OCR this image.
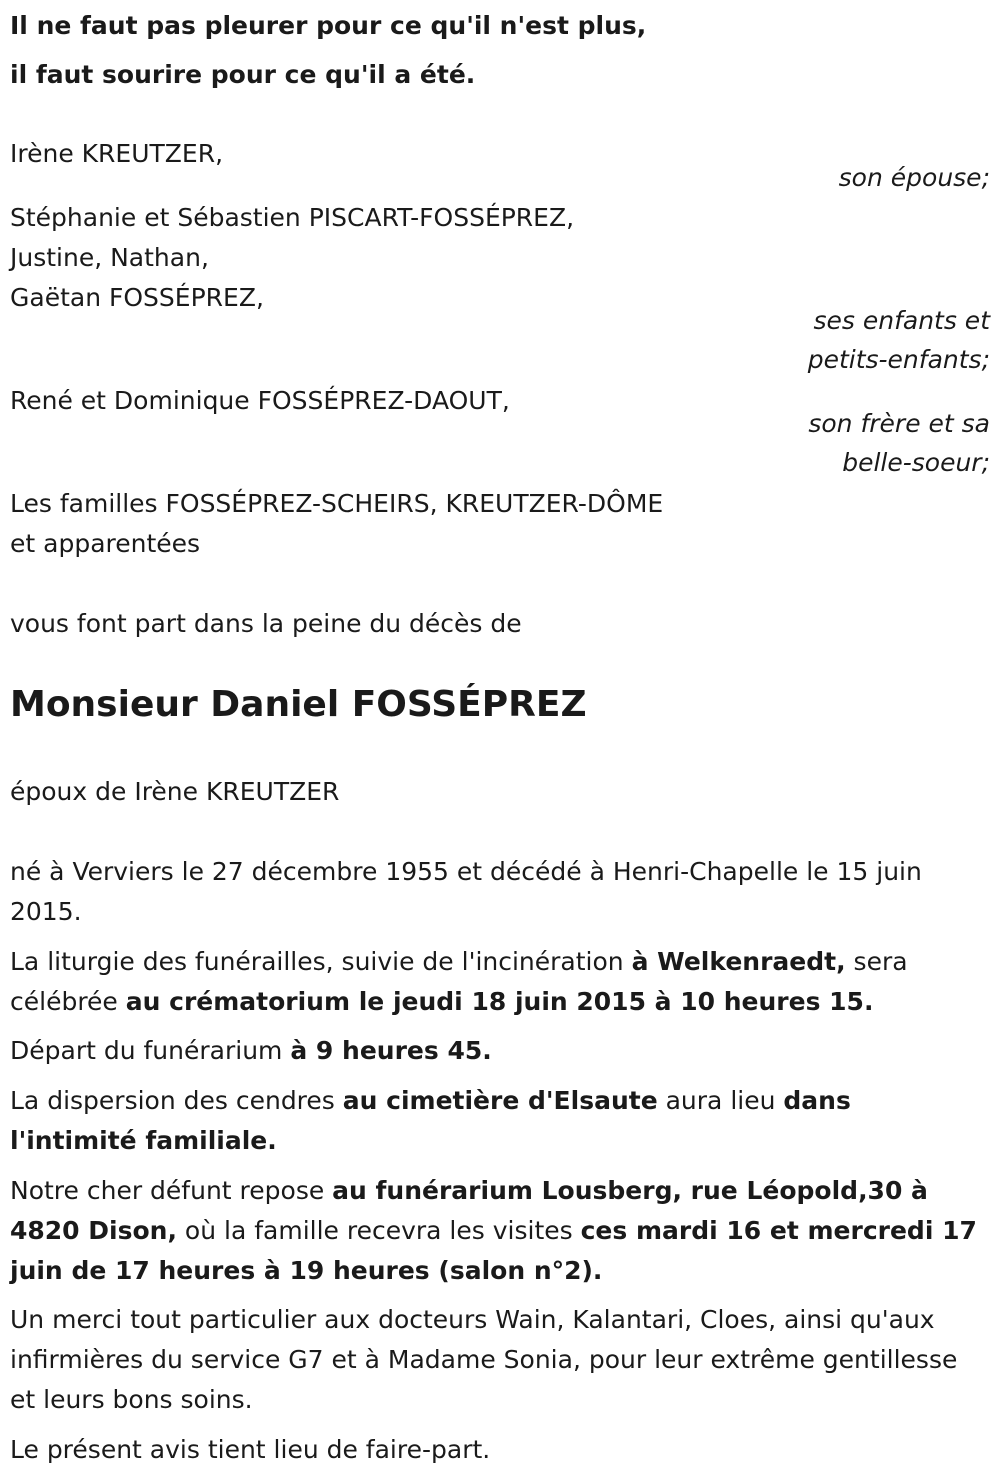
Il ne faut pas pleurer pour ce qu'il n'est plus,
il faut sourire pour ce qu'il a été.
Irène KREUTZER,
son épouse;
Stéphanie et Sébastien PISCART-FOSSÉPREZ,
Justine, Nathan,
Gaëtan FOSSÉPREZ,
ses enfants et
petits-enfants;
René et Dominique FOSSÉPREZ-DAOUT,
son frère et sa
belle-soeur;
Les familles FOSSÉPREZ-SCHEIRS, KREUTZER-DÔME
et apparentées
vous font part dans la peine du décès de
Monsieur Daniel FOSSÉPREZ
époux de Irène KREUTZER
né à Verviers le 27 décembre 1955 et décédé à Henri-Chapelle le 15 juin
2015.
La liturgie des funérailles, suivie de l'incinération à Welkenraedt, sera célébrée au crématorium le jeudi 18 juin 2015 à 10 heures 15.
Départ du funérarium à 9 heures 45.
La dispersion des cendres au cimetière d'Elsaute aura lieu dans l'intimité familiale.
Notre cher défunt repose au funérarium Lousberg, rue Léopold,30 à 4820 Dison, où la famille recevra les visites ces mardi 16 et mercredi 17 juin de 17 heures à 19 heures (salon n°2).
Un merci tout particulier aux docteurs Wain, Kalantari, Cloes, ainsi qu'aux infirmières du service G7 et à Madame Sonia, pour leur extrême gentillesse et leurs bons soins.
Le présent avis tient lieu de faire-part.
